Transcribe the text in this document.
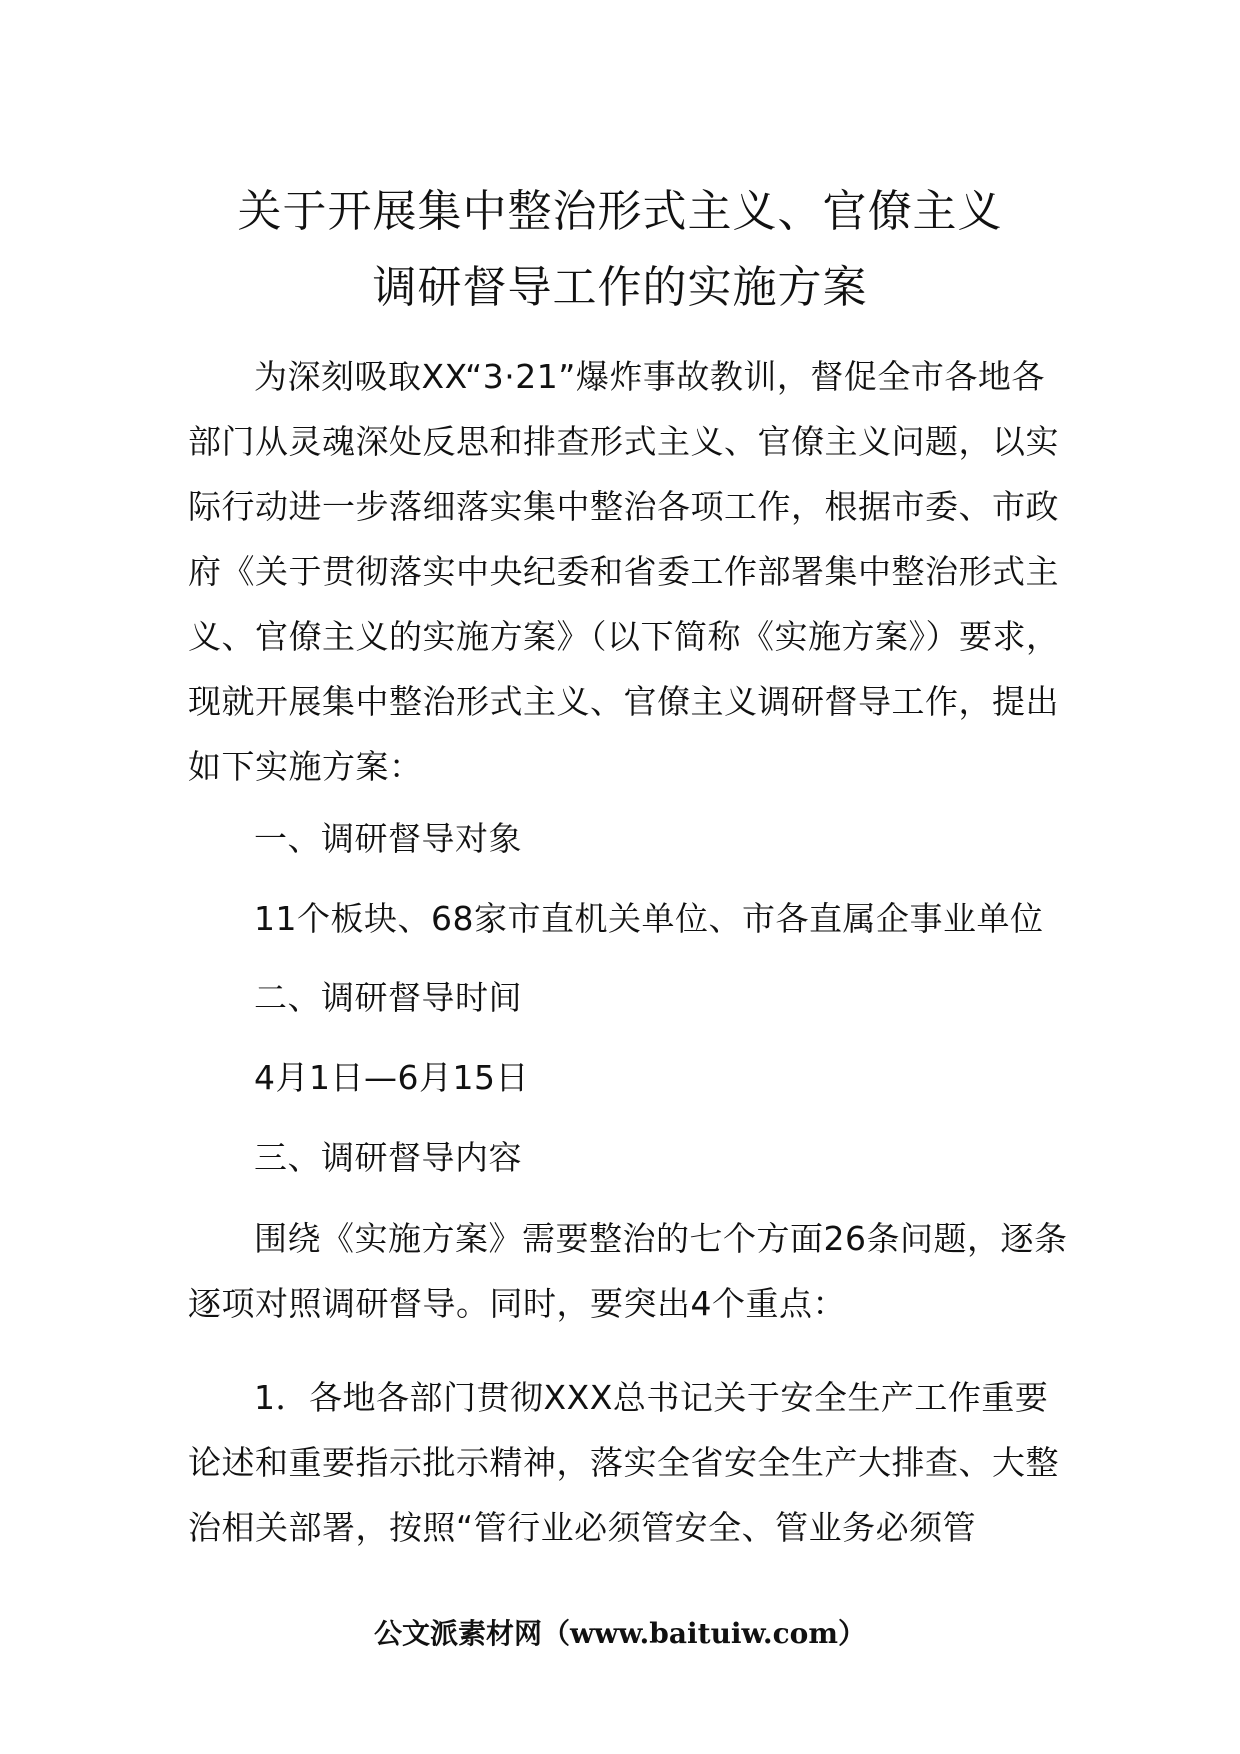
关于开展集中整治形式主义、官僚主义
调研督导工作的实施方案

为深刻吸取XX“3·21”爆炸事故教训，督促全市各地各部门从灵魂深处反思和排查形式主义、官僚主义问题，以实际行动进一步落细落实集中整治各项工作，根据市委、市政府《关于贯彻落实中央纪委和省委工作部署集中整治形式主义、官僚主义的实施方案》（以下简称《实施方案》）要求，现就开展集中整治形式主义、官僚主义调研督导工作，提出如下实施方案：

一、调研督导对象

11个板块、68家市直机关单位、市各直属企事业单位

二、调研督导时间

4月1日—6月15日

三、调研督导内容

围绕《实施方案》需要整治的七个方面26条问题，逐条逐项对照调研督导。同时，要突出4个重点：

1．各地各部门贯彻XXX总书记关于安全生产工作重要论述和重要指示批示精神，落实全省安全生产大排查、大整治相关部署，按照“管行业必须管安全、管业务必须管

公文派素材网（www.baituiw.com）
